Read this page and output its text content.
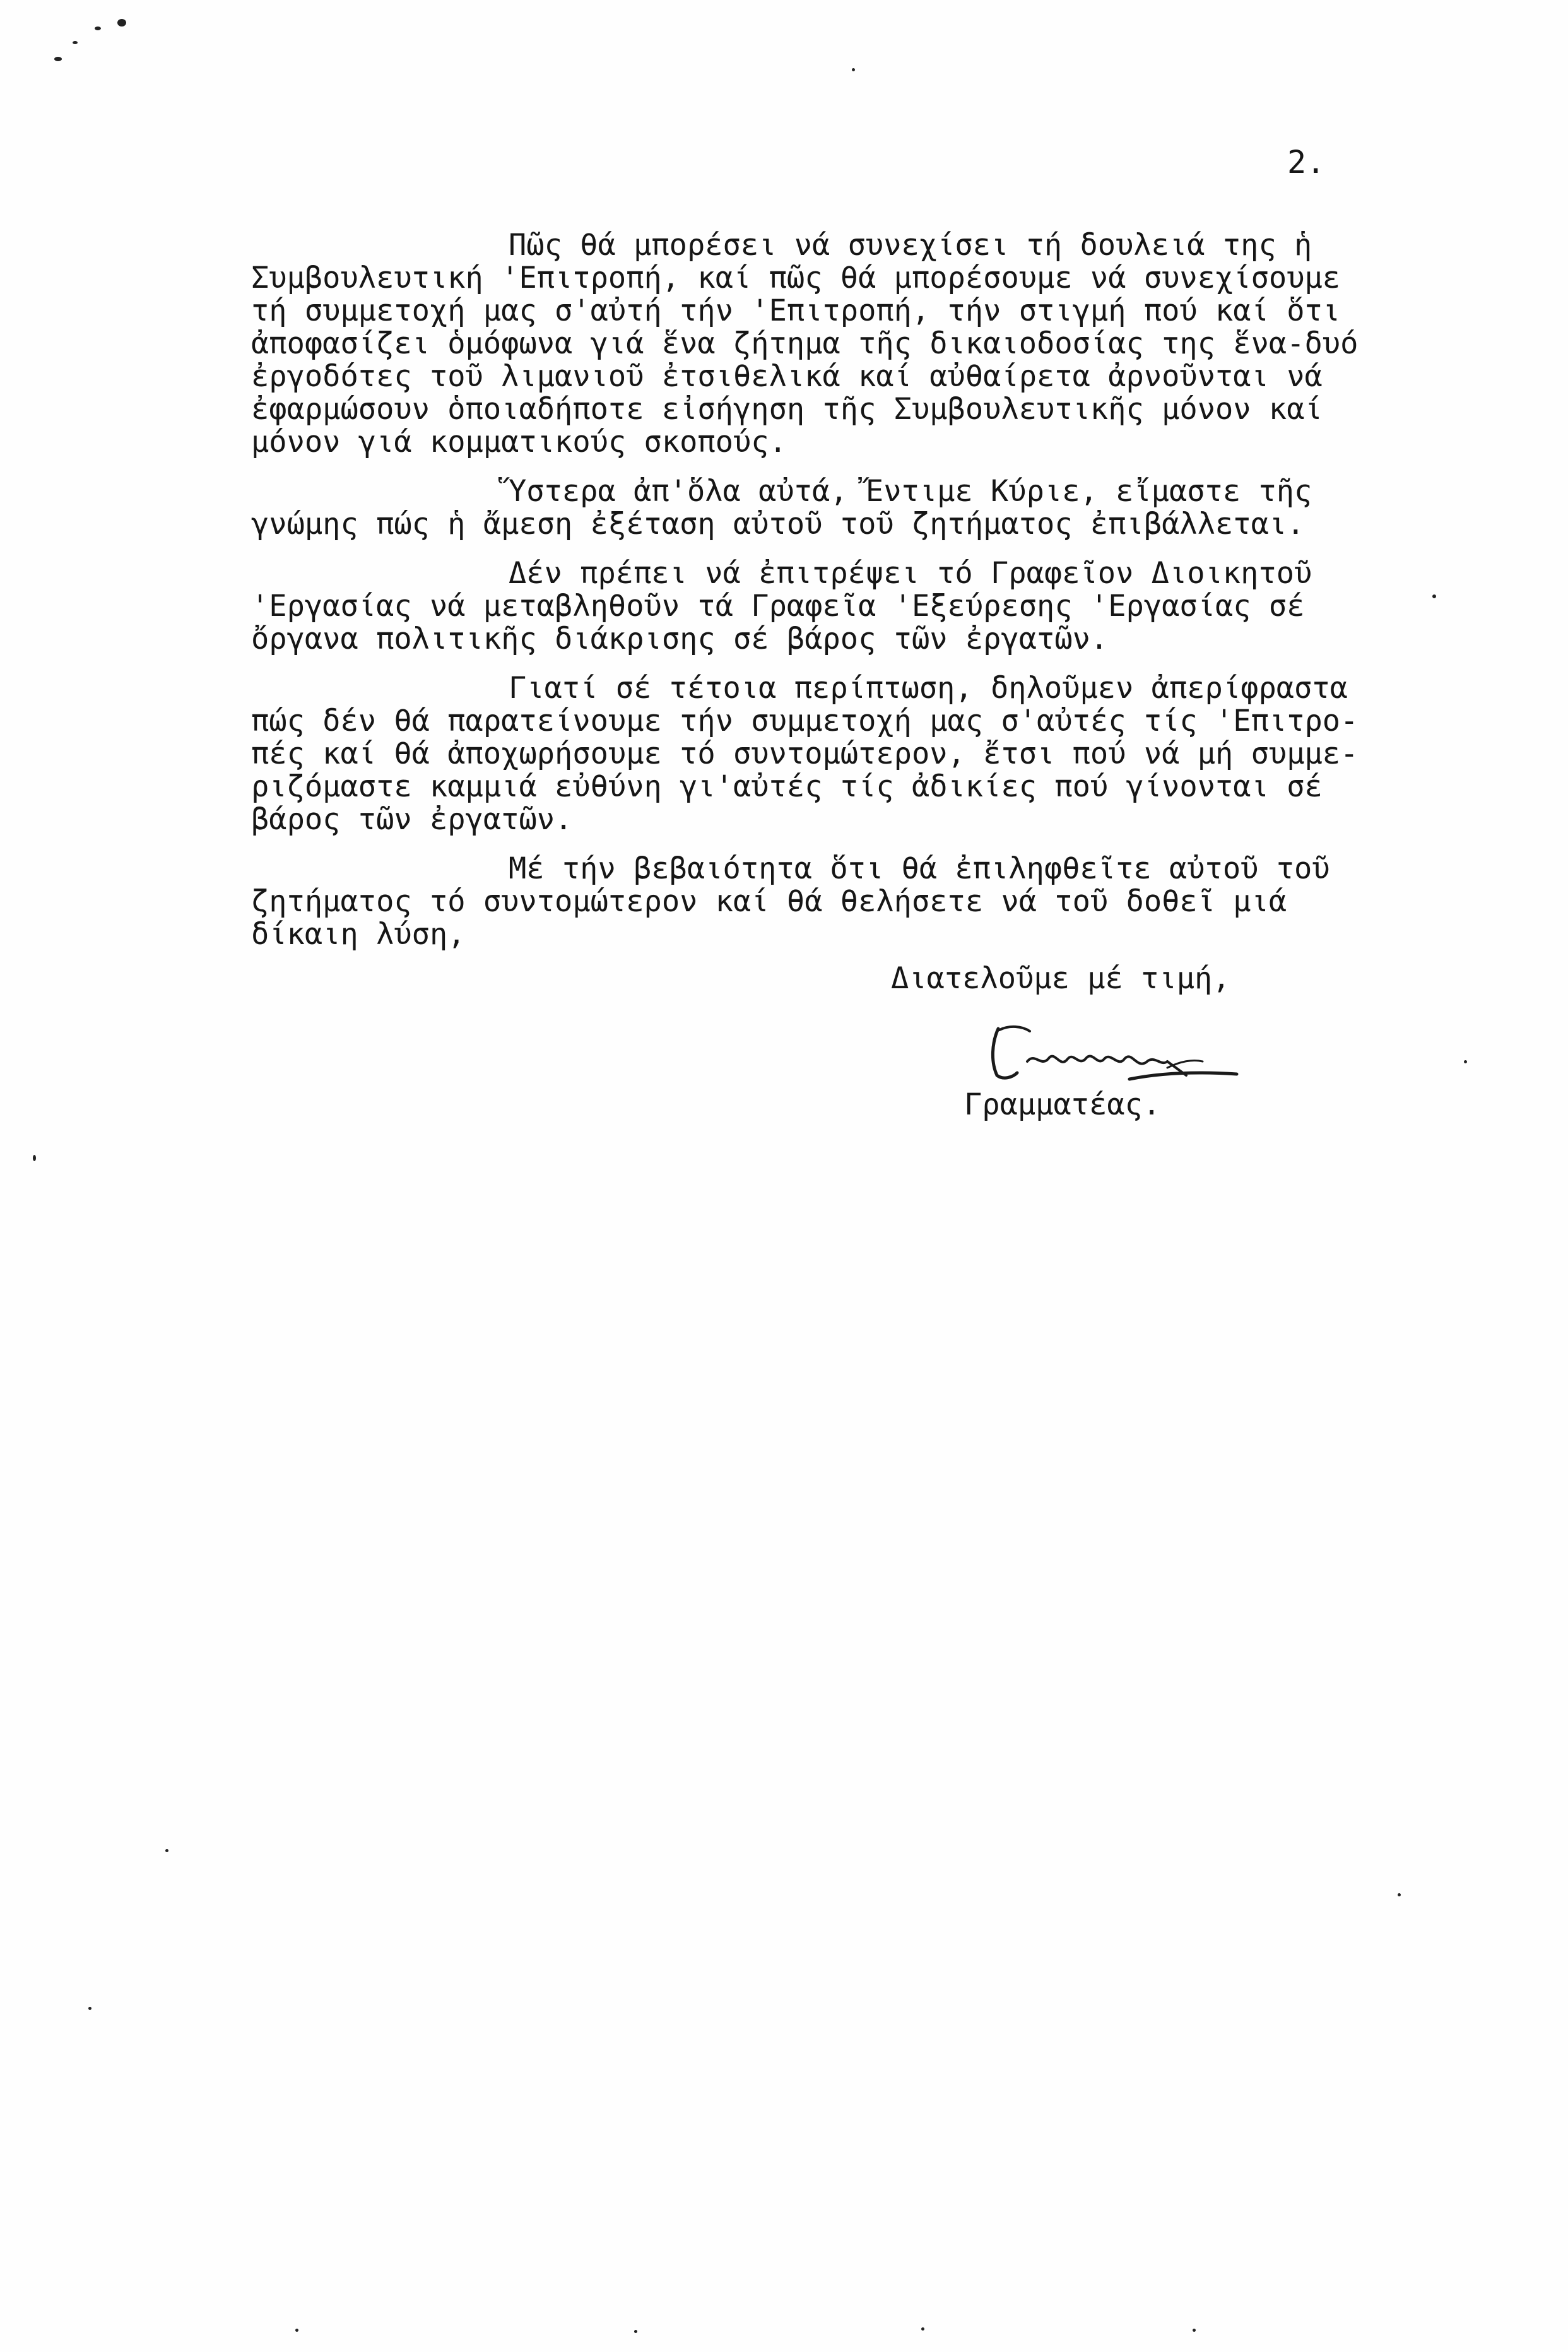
2.
Πῶς θά μπορέσει νά συνεχίσει τή δουλειά της ἡ
Συμβουλευτική 'Επιτροπή, καί πῶς θά μπορέσουμε νά συνεχίσουμε
τή συμμετοχή μας σ'αὐτή τήν 'Επιτροπή, τήν στιγμή πού καί ὅτι
ἀποφασίζει ὁμόφωνα γιά ἕνα ζήτημα τῆς δικαιοδοσίας της ἕνα-δυό
ἐργοδότες τοῦ λιμανιοῦ ἐτσιθελικά καί αὐθαίρετα ἀρνοῦνται νά
ἐφαρμώσουν ὁποιαδήποτε εἰσήγηση τῆς Συμβουλευτικῆς μόνον καί
μόνον γιά κομματικούς σκοπούς.
Ὕστερα ἀπ'ὅλα αὐτά, Ἔντιμε Κύριε, εἴμαστε τῆς
γνώμης πώς ἡ ἄμεση ἐξέταση αὐτοῦ τοῦ ζητήματος ἐπιβάλλεται.
Δέν πρέπει νά ἐπιτρέψει τό Γραφεῖον Διοικητοῦ
'Εργασίας νά μεταβληθοῦν τά Γραφεῖα 'Εξεύρεσης 'Εργασίας σέ
ὄργανα πολιτικῆς διάκρισης σέ βάρος τῶν ἐργατῶν.
Γιατί σέ τέτοια περίπτωση, δηλοῦμεν ἀπερίφραστα
πώς δέν θά παρατείνουμε τήν συμμετοχή μας σ'αὐτές τίς 'Επιτρο-
πές καί θά ἀποχωρήσουμε τό συντομώτερον, ἔτσι πού νά μή συμμε-
ριζόμαστε καμμιά εὐθύνη γι'αὐτές τίς ἀδικίες πού γίνονται σέ
βάρος τῶν ἐργατῶν.
Μέ τήν βεβαιότητα ὅτι θά ἐπιληφθεῖτε αὐτοῦ τοῦ
ζητήματος τό συντομώτερον καί θά θελήσετε νά τοῦ δοθεῖ μιά
δίκαιη λύση,
Διατελοῦμε μέ τιμή,
Γραμματέας.
